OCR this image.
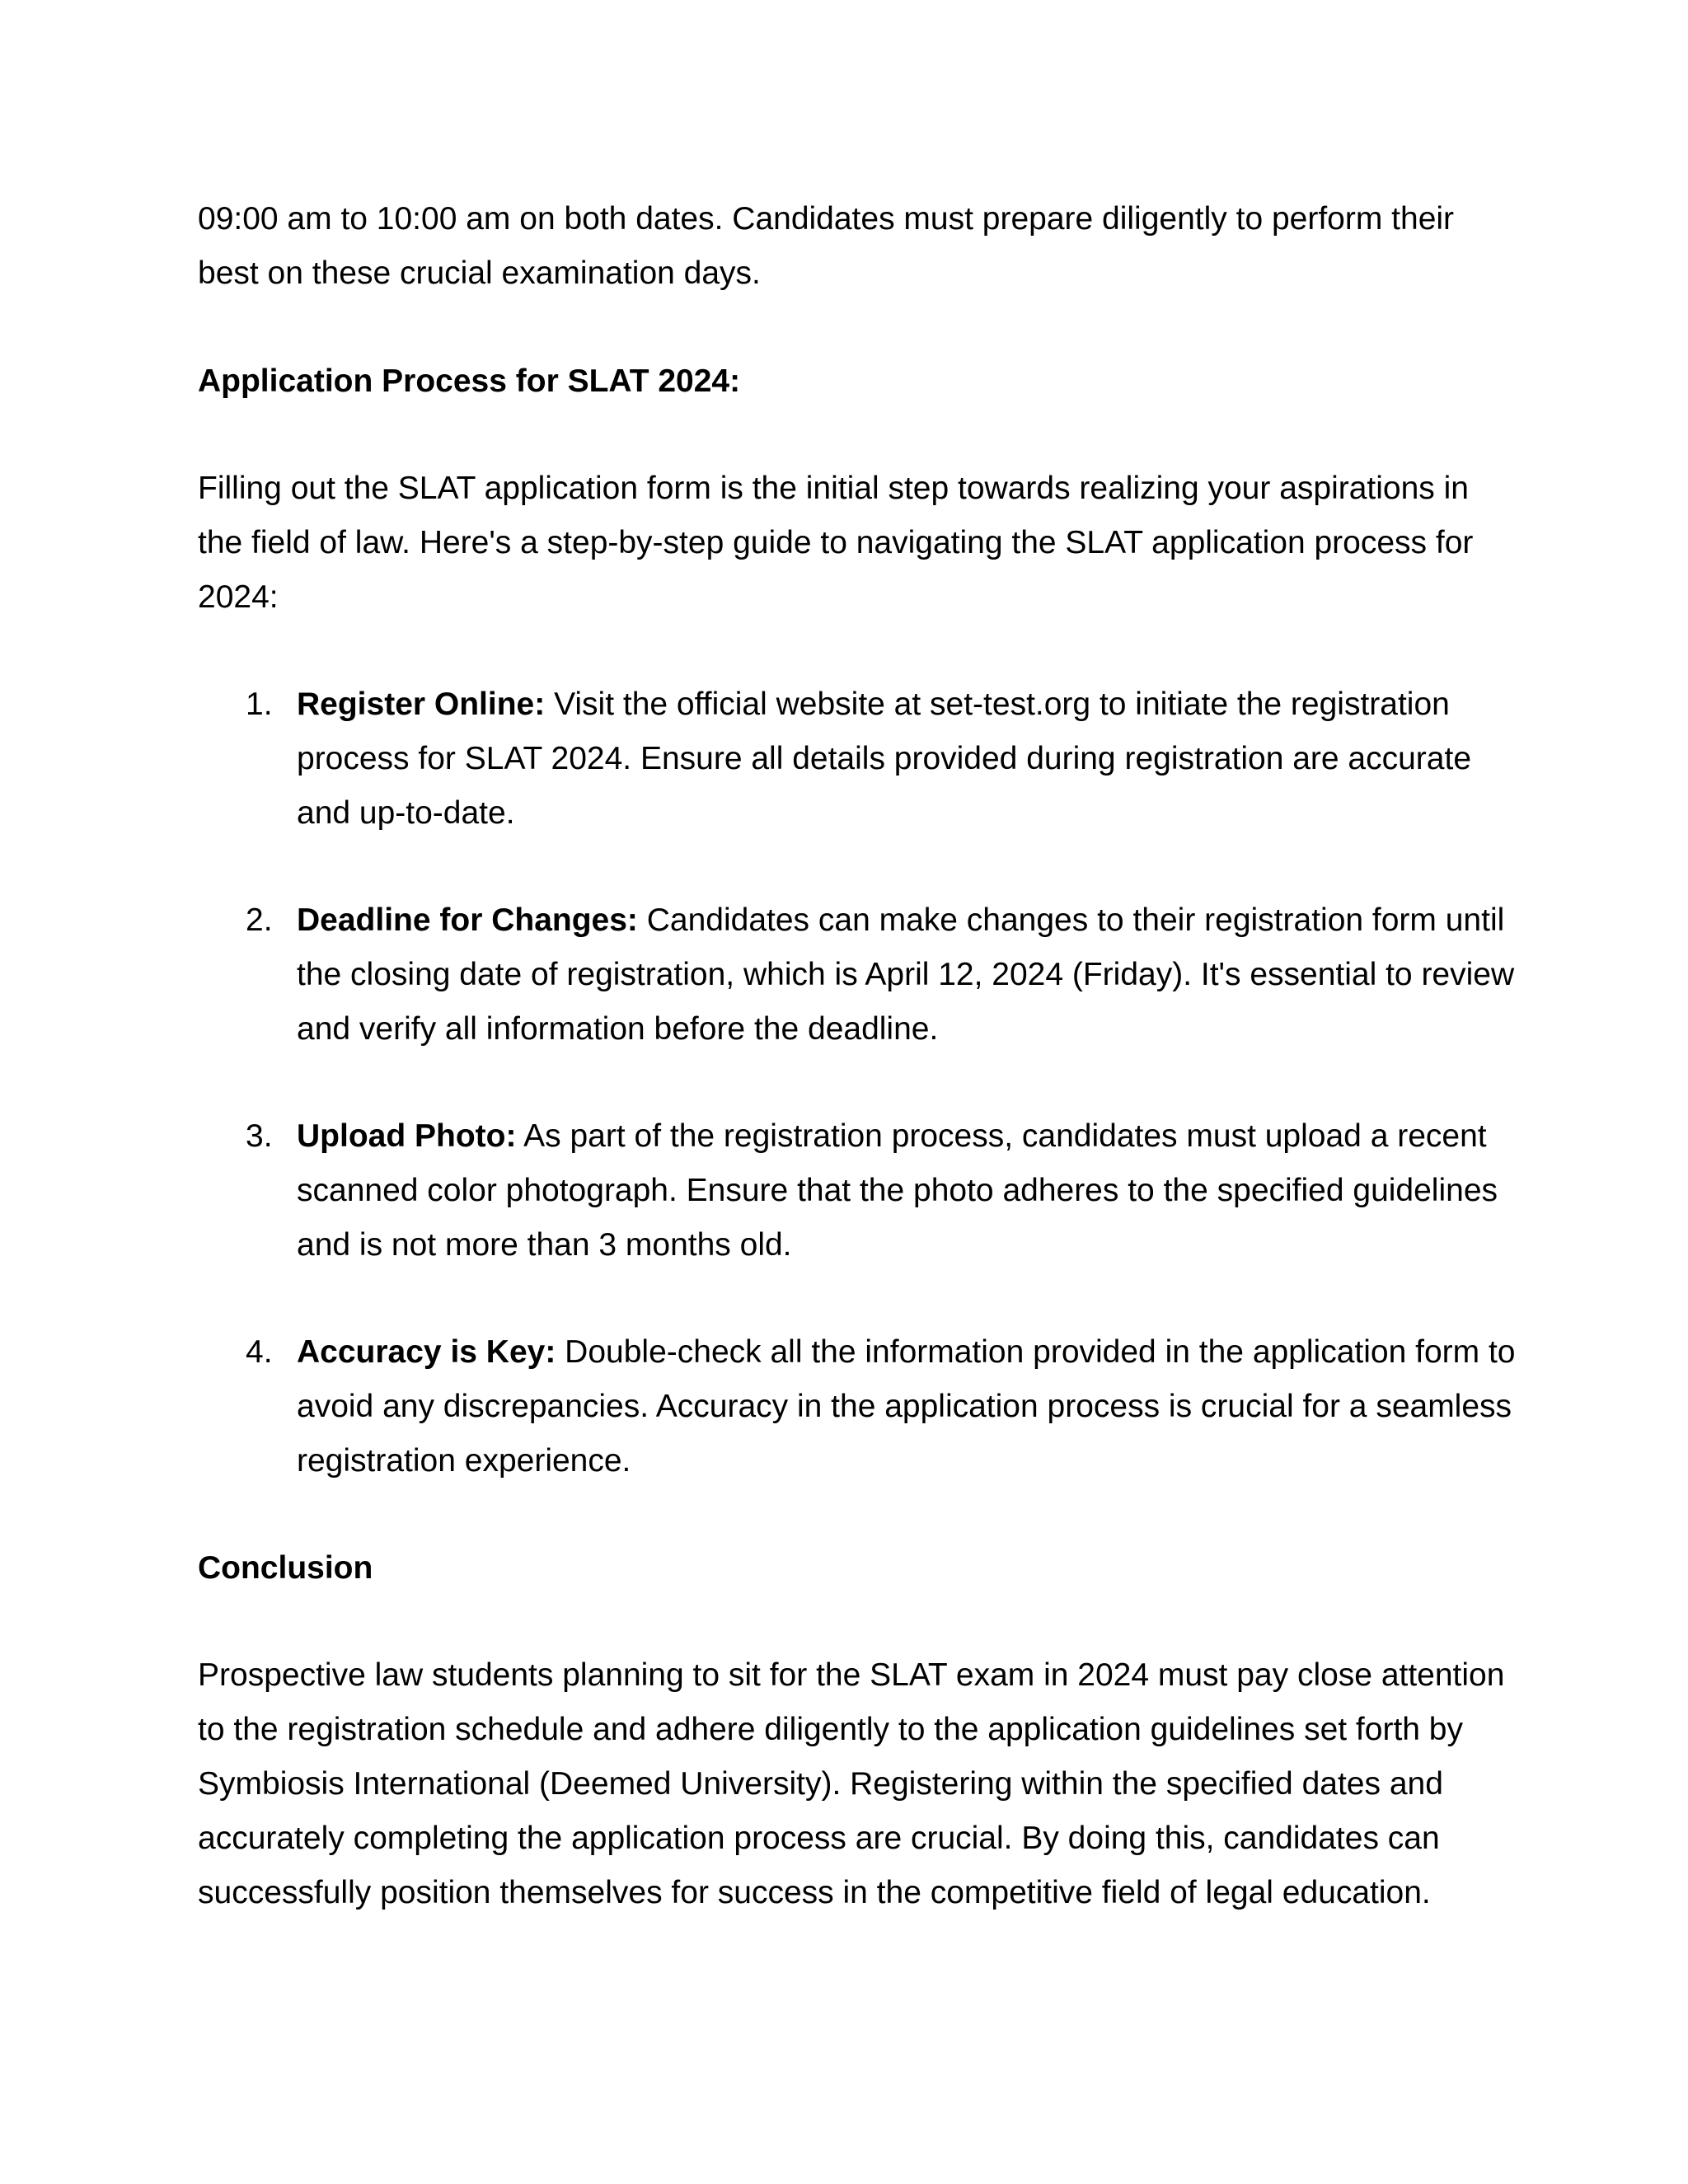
09:00 am to 10:00 am on both dates. Candidates must prepare diligently to perform their best on these crucial examination days.

Application Process for SLAT 2024:

Filling out the SLAT application form is the initial step towards realizing your aspirations in the field of law. Here's a step-by-step guide to navigating the SLAT application process for 2024:

1. Register Online: Visit the official website at set-test.org to initiate the registration process for SLAT 2024. Ensure all details provided during registration are accurate and up-to-date.

2. Deadline for Changes: Candidates can make changes to their registration form until the closing date of registration, which is April 12, 2024 (Friday). It's essential to review and verify all information before the deadline.

3. Upload Photo: As part of the registration process, candidates must upload a recent scanned color photograph. Ensure that the photo adheres to the specified guidelines and is not more than 3 months old.

4. Accuracy is Key: Double-check all the information provided in the application form to avoid any discrepancies. Accuracy in the application process is crucial for a seamless registration experience.

Conclusion

Prospective law students planning to sit for the SLAT exam in 2024 must pay close attention to the registration schedule and adhere diligently to the application guidelines set forth by Symbiosis International (Deemed University). Registering within the specified dates and accurately completing the application process are crucial. By doing this, candidates can successfully position themselves for success in the competitive field of legal education.
